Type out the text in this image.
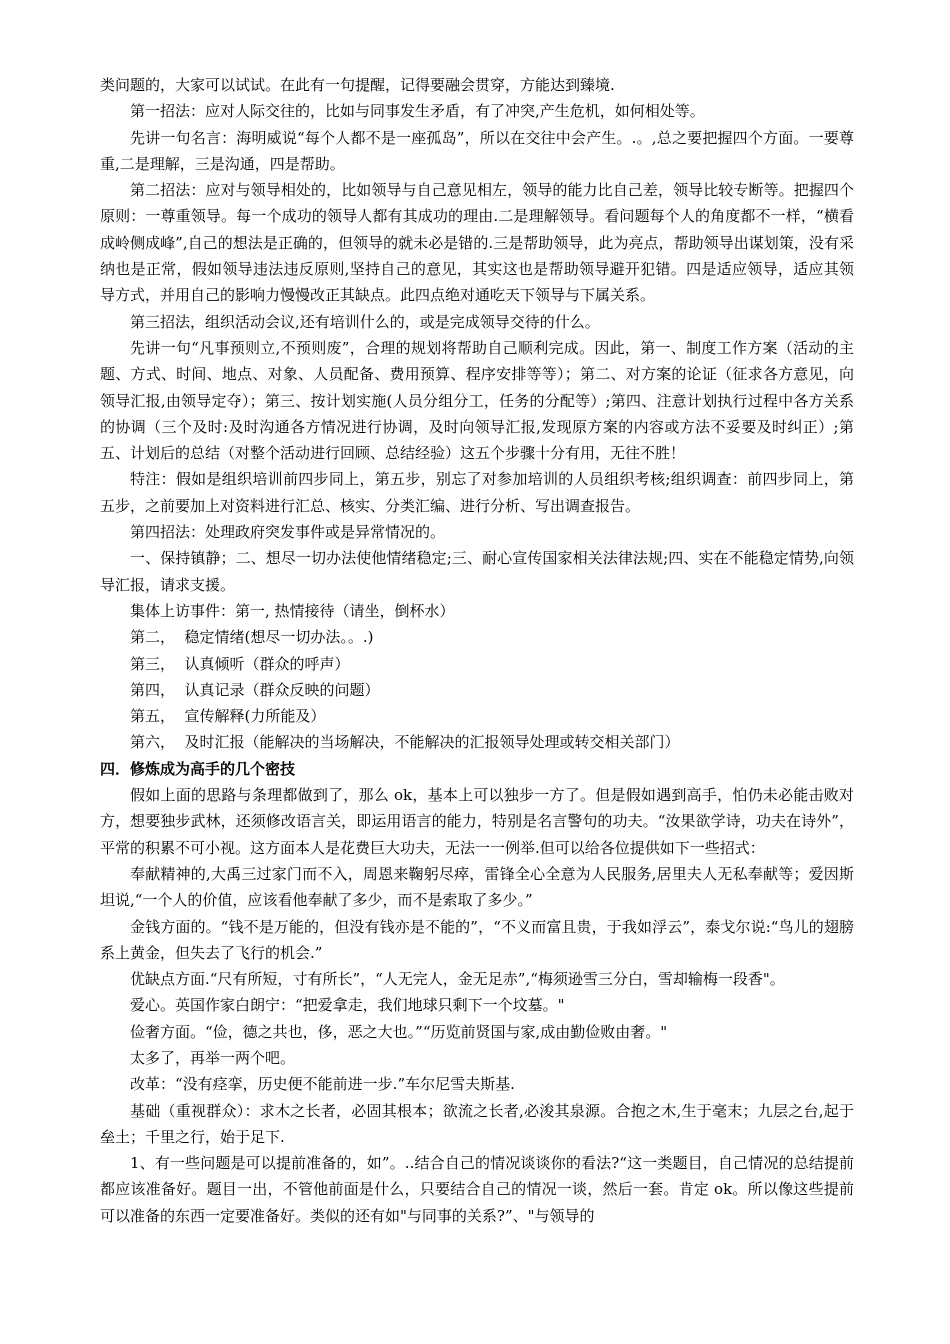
类问题的，大家可以试试。在此有一句提醒，记得要融会贯穿，方能达到臻境.

第一招法：应对人际交往的，比如与同事发生矛盾，有了冲突,产生危机，如何相处等。

先讲一句名言：海明威说“每个人都不是一座孤岛”，所以在交往中会产生。.。,总之要把握四个方面。一要尊重,二是理解，三是沟通，四是帮助。

第二招法：应对与领导相处的，比如领导与自己意见相左，领导的能力比自己差，领导比较专断等。把握四个原则：一尊重领导。每一个成功的领导人都有其成功的理由.二是理解领导。看问题每个人的角度都不一样，“横看成岭侧成峰”,自己的想法是正确的，但领导的就未必是错的.三是帮助领导，此为亮点，帮助领导出谋划策，没有采纳也是正常，假如领导违法违反原则,坚持自己的意见，其实这也是帮助领导避开犯错。四是适应领导，适应其领导方式，并用自己的影响力慢慢改正其缺点。此四点绝对通吃天下领导与下属关系。

第三招法，组织活动会议,还有培训什么的，或是完成领导交待的什么。

先讲一句“凡事预则立,不预则废”，合理的规划将帮助自己顺利完成。因此，第一、制度工作方案（活动的主题、方式、时间、地点、对象、人员配备、费用预算、程序安排等等）；第二、对方案的论证（征求各方意见，向领导汇报,由领导定夺）；第三、按计划实施(人员分组分工，任务的分配等）;第四、注意计划执行过程中各方关系的协调（三个及时:及时沟通各方情况进行协调，及时向领导汇报,发现原方案的内容或方法不妥要及时纠正）;第五、计划后的总结（对整个活动进行回顾、总结经验）这五个步骤十分有用，无往不胜！

特注：假如是组织培训前四步同上，第五步，别忘了对参加培训的人员组织考核;组织调查：前四步同上，第五步，之前要加上对资料进行汇总、核实、分类汇编、进行分析、写出调查报告。

第四招法：处理政府突发事件或是异常情况的。

一、保持镇静；二、想尽一切办法使他情绪稳定;三、耐心宣传国家相关法律法规;四、实在不能稳定情势,向领导汇报，请求支援。

集体上访事件：第一, 热情接待（请坐，倒杯水）

第二，  稳定情绪(想尽一切办法。。.)

第三，  认真倾听（群众的呼声）

第四，  认真记录（群众反映的问题）

第五，  宣传解释(力所能及）

第六，  及时汇报（能解决的当场解决，不能解决的汇报领导处理或转交相关部门）

四．修炼成为高手的几个密技

假如上面的思路与条理都做到了，那么 ok，基本上可以独步一方了。但是假如遇到高手，怕仍未必能击败对方，想要独步武林，还须修改语言关，即运用语言的能力，特别是名言警句的功夫。“汝果欲学诗，功夫在诗外”，平常的积累不可小视。这方面本人是花费巨大功夫，无法一一例举.但可以给各位提供如下一些招式：

奉献精神的,大禹三过家门而不入，周恩来鞠躬尽瘁，雷锋全心全意为人民服务,居里夫人无私奉献等；爱因斯坦说,“一个人的价值，应该看他奉献了多少，而不是索取了多少。”

金钱方面的。“钱不是万能的，但没有钱亦是不能的”，“不义而富且贵，于我如浮云”，泰戈尔说:“鸟儿的翅膀系上黄金，但失去了飞行的机会.”

优缺点方面.“尺有所短，寸有所长”，“人无完人，金无足赤”,“梅须逊雪三分白，雪却输梅一段香"。

爱心。英国作家白朗宁：“把爱拿走，我们地球只剩下一个坟墓。"

俭奢方面。“俭，德之共也，侈，恶之大也。”“历览前贤国与家,成由勤俭败由奢。"

太多了，再举一两个吧。

改革：“没有痉挛，历史便不能前进一步.”车尔尼雪夫斯基.

基础（重视群众）：求木之长者，必固其根本；欲流之长者,必浚其泉源。合抱之木,生于毫末；九层之台,起于垒土；千里之行，始于足下.

1、有一些问题是可以提前准备的，如”。..结合自己的情况谈谈你的看法?“这一类题目，自己情况的总结提前都应该准备好。题目一出，不管他前面是什么，只要结合自己的情况一谈，然后一套。肯定 ok。所以像这些提前可以准备的东西一定要准备好。类似的还有如"与同事的关系?”、"与领导的
